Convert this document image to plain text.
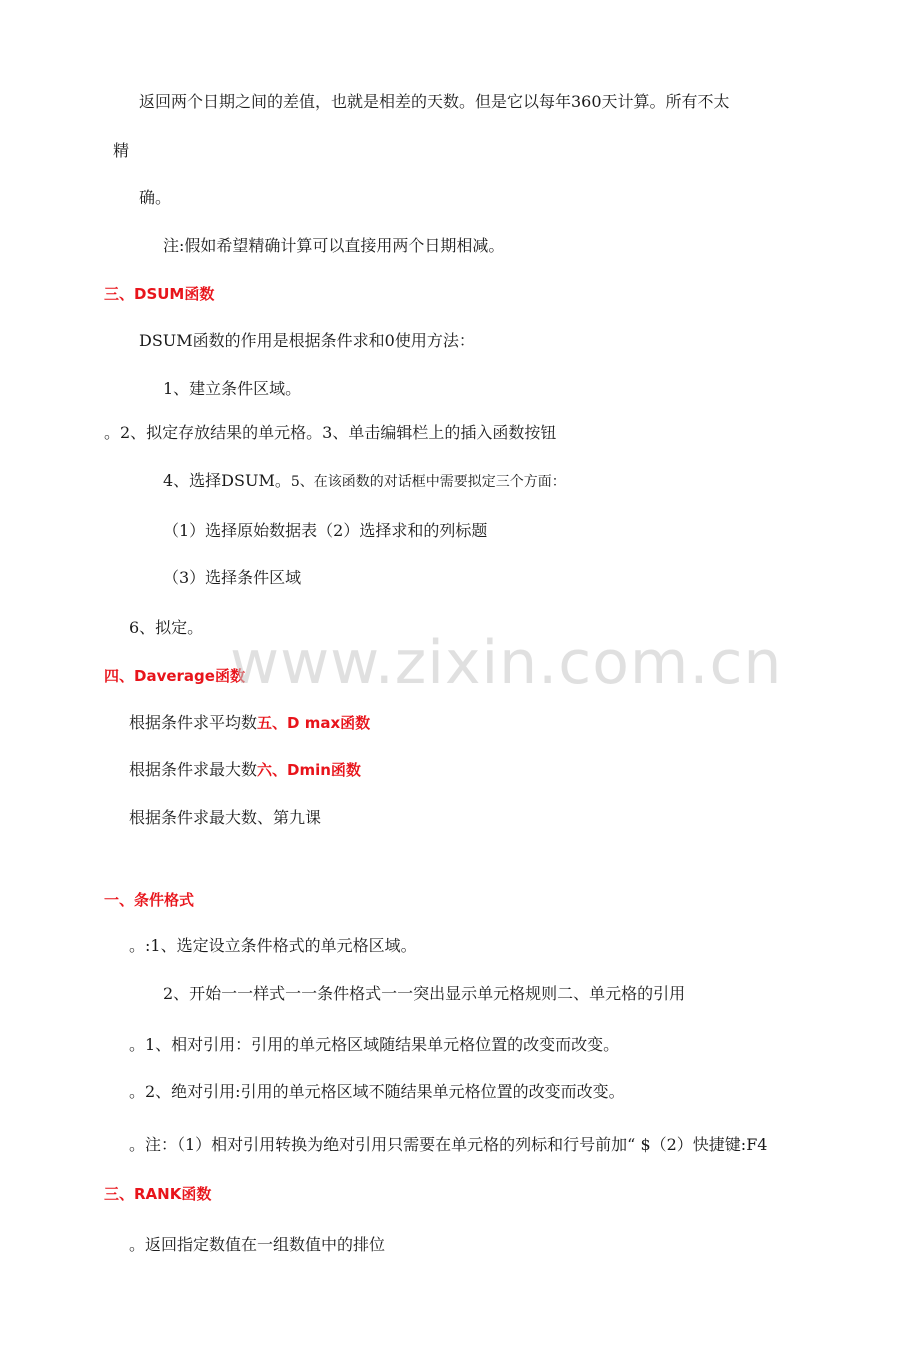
返回两个日期之间的差值，也就是相差的天数。但是它以每年360天计算。所有不太
精
确。
注:假如希望精确计算可以直接用两个日期相减。
三、DSUM函数
DSUM函数的作用是根据条件求和0使用方法：
1、建立条件区域。
。2、拟定存放结果的单元格。3、单击编辑栏上的插入函数按钮
4、选择DSUM。5、在该函数的对话框中需要拟定三个方面：
（1）选择原始数据表（2）选择求和的列标题
（3）选择条件区域
6、拟定。
四、Daverage函数
根据条件求平均数五、D max函数
根据条件求最大数六、Dmin函数
根据条件求最大数、第九课
一、条件格式
。:1、选定设立条件格式的单元格区域。
2、开始一一样式一一条件格式一一突出显示单元格规则二、单元格的引用
。1、相对引用：引用的单元格区域随结果单元格位置的改变而改变。
。2、绝对引用:引用的单元格区域不随结果单元格位置的改变而改变。
。注：（1）相对引用转换为绝对引用只需要在单元格的列标和行号前加“ $（2）快捷键:F4
三、RANK函数
。返回指定数值在一组数值中的排位
www.zixin.com.cn
